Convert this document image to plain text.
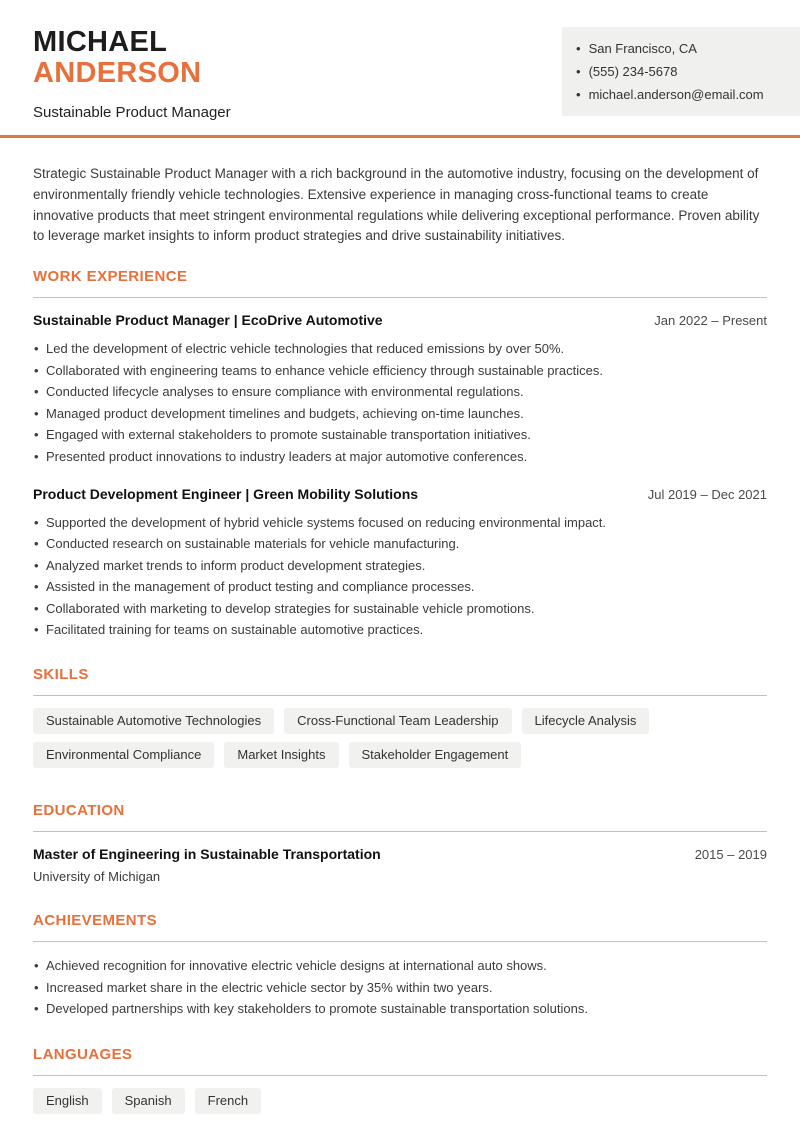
MICHAEL
ANDERSON
Sustainable Product Manager
• San Francisco, CA
• (555) 234-5678
• michael.anderson@email.com

Strategic Sustainable Product Manager with a rich background in the automotive industry, focusing on the development of environmentally friendly vehicle technologies. Extensive experience in managing cross-functional teams to create innovative products that meet stringent environmental regulations while delivering exceptional performance. Proven ability to leverage market insights to inform product strategies and drive sustainability initiatives.

WORK EXPERIENCE
Sustainable Product Manager | EcoDrive Automotive	Jan 2022 – Present
• Led the development of electric vehicle technologies that reduced emissions by over 50%.
• Collaborated with engineering teams to enhance vehicle efficiency through sustainable practices.
• Conducted lifecycle analyses to ensure compliance with environmental regulations.
• Managed product development timelines and budgets, achieving on-time launches.
• Engaged with external stakeholders to promote sustainable transportation initiatives.
• Presented product innovations to industry leaders at major automotive conferences.
Product Development Engineer | Green Mobility Solutions	Jul 2019 – Dec 2021
• Supported the development of hybrid vehicle systems focused on reducing environmental impact.
• Conducted research on sustainable materials for vehicle manufacturing.
• Analyzed market trends to inform product development strategies.
• Assisted in the management of product testing and compliance processes.
• Collaborated with marketing to develop strategies for sustainable vehicle promotions.
• Facilitated training for teams on sustainable automotive practices.
SKILLS
Sustainable Automotive Technologies	Cross-Functional Team Leadership	Lifecycle Analysis
Environmental Compliance	Market Insights	Stakeholder Engagement
EDUCATION
Master of Engineering in Sustainable Transportation	2015 – 2019
University of Michigan
ACHIEVEMENTS
• Achieved recognition for innovative electric vehicle designs at international auto shows.
• Increased market share in the electric vehicle sector by 35% within two years.
• Developed partnerships with key stakeholders to promote sustainable transportation solutions.
LANGUAGES
English	Spanish	French
